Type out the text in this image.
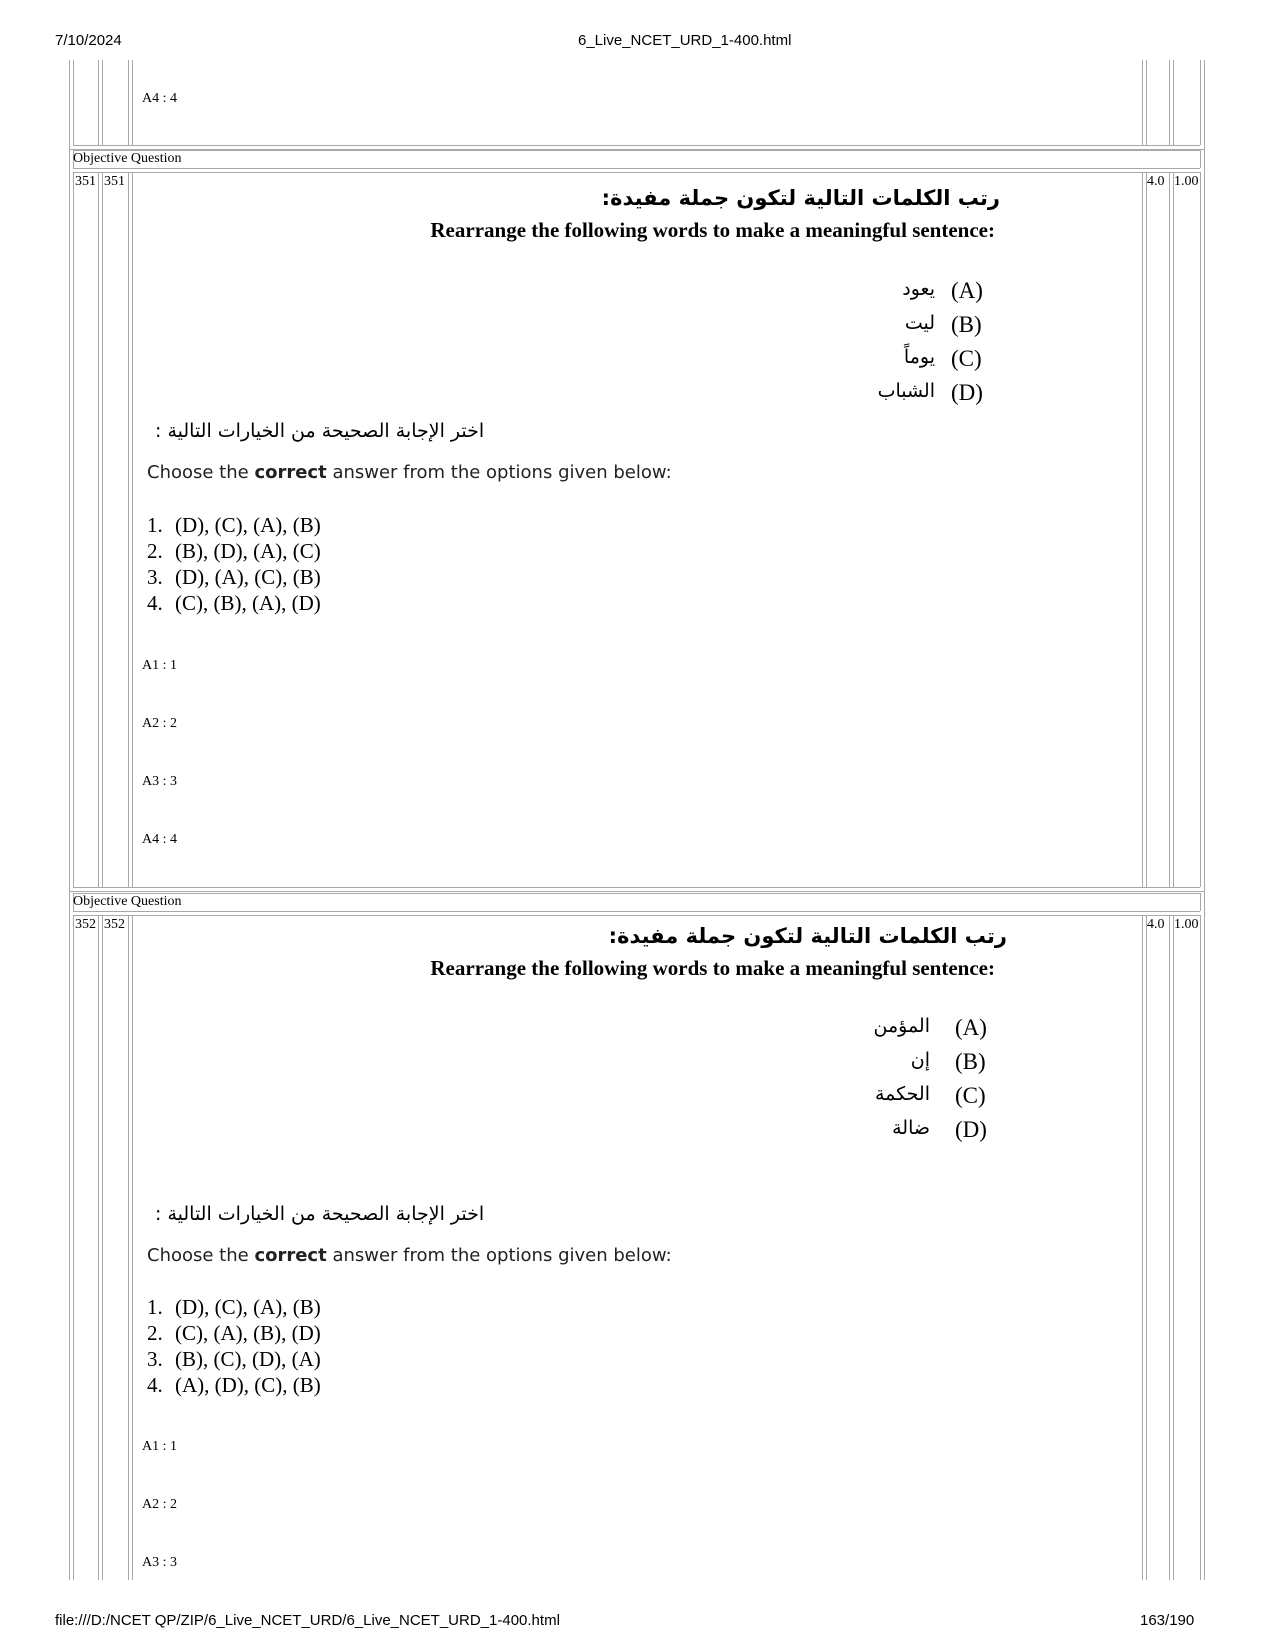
7/10/2024	6_Live_NCET_URD_1-400.html
file:///D:/NCET QP/ZIP/6_Live_NCET_URD/6_Live_NCET_URD_1-400.html	163/190
A4 : 4
Objective Question
351 351	4.0 1.00
رتب الكلمات التالية لتكون جملة مفيدة:
Rearrange the following words to make a meaningful sentence:
يعود (A)
ليت (B)
يوماً (C)
الشباب (D)
اختر الإجابة الصحيحة من الخيارات التالية :
Choose the correct answer from the options given below:
1. (D), (C), (A), (B)
2. (B), (D), (A), (C)
3. (D), (A), (C), (B)
4. (C), (B), (A), (D)
A1 : 1
A2 : 2
A3 : 3
A4 : 4
Objective Question
352 352	4.0 1.00
رتب الكلمات التالية لتكون جملة مفيدة:
Rearrange the following words to make a meaningful sentence:
المؤمن (A)
إن (B)
الحكمة (C)
ضالة (D)
اختر الإجابة الصحيحة من الخيارات التالية :
Choose the correct answer from the options given below:
1. (D), (C), (A), (B)
2. (C), (A), (B), (D)
3. (B), (C), (D), (A)
4. (A), (D), (C), (B)
A1 : 1
A2 : 2
A3 : 3
